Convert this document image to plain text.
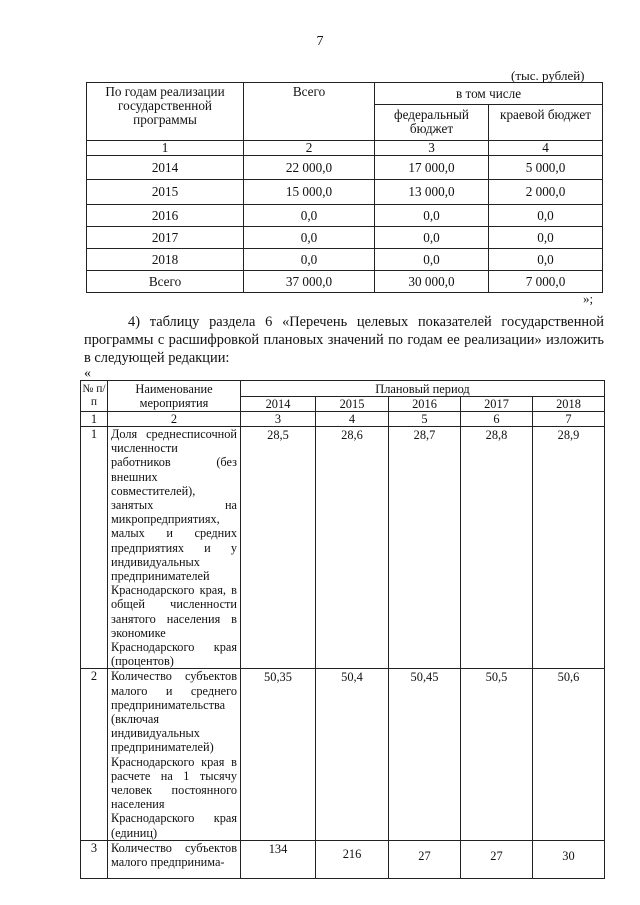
7
(тыс. рублей)
По годам реализации государственной программы	Всего	в том числе	
		федеральный бюджет	краевой бюджет
1	2	3	4
2014	22 000,0	17 000,0	5 000,0
2015	15 000,0	13 000,0	2 000,0
2016	0,0	0,0	0,0
2017	0,0	0,0	0,0
2018	0,0	0,0	0,0
Всего	37 000,0	30 000,0	7 000,0
»;
4) таблицу раздела 6 «Перечень целевых показателей государственной программы с расшифровкой плановых значений по годам ее реализации» изложить в следующей редакции:
«
№ п/п	Наименование мероприятия	Плановый период				
		2014	2015	2016	2017	2018
1	2	3	4	5	6	7
1	Доля среднесписочной численности работников (без внешних совместителей), занятых на микропредприятиях, малых и средних предприятиях и у индивидуальных предпринимателей Краснодарского края, в общей численности занятого населения в экономике Краснодарского края (процентов)	28,5	28,6	28,7	28,8	28,9
2	Количество субъектов малого и среднего предпринимательства (включая индивидуальных предпринимателей) Краснодарского края в расчете на 1 тысячу человек постоянного населения Краснодарского края (единиц)	50,35	50,4	50,45	50,5	50,6
3	Количество субъектов малого предпринима-	134	216	27	27	30
